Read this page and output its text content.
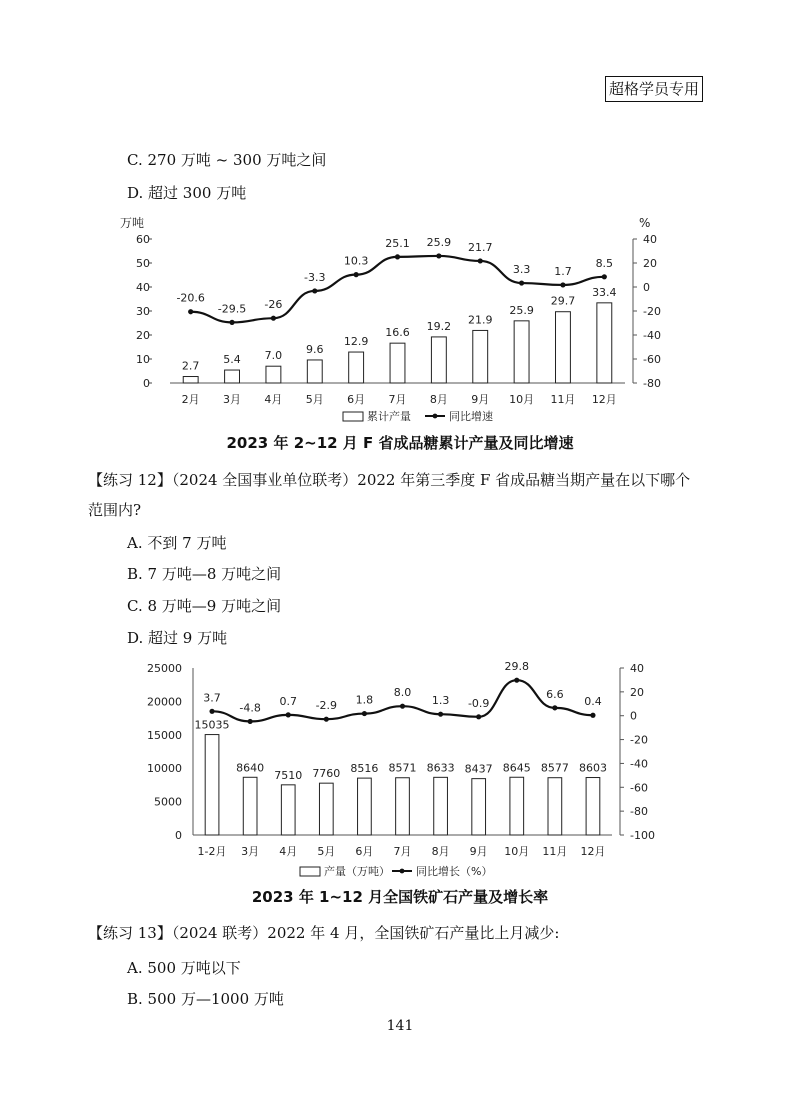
超格学员专用
C. 270 万吨 ~ 300 万吨之间
D. 超过 300 万吨
0
10
20
30
40
50
60
-80
-60
-40
-20
0
20
40
万吨	%
2.7 5.4 7.0 9.6
12.9
16.6 19.2 21.9
25.9
29.7
33.4
-20.6
-29.5 -26
-3.3
10.3
25.1 25.9 21.7
3.3 1.7
8.5
2月 3月 4月 5月 6月 7月 8月 9月 10月 11月 12月
累计产量	同比增速
2023 年 2~12 月 F 省成品糖累计产量及同比增速
【练习 12】（2024 全国事业单位联考）2022 年第三季度 F 省成品糖当期产量在以下哪个
范围内?
A. 不到 7 万吨
B. 7 万吨—8 万吨之间
C. 8 万吨—9 万吨之间
D. 超过 9 万吨
0
5000
10000
15000
20000
25000
-100
-80
-60
-40
-20
0
20
40
15035
8640
7510 7760 8516 8571 8633 8437 8645 8577 8603
3.7
-4.8
0.7 -2.9 1.8
8.0
1.3 -0.9
29.8
6.6
0.4
1-2月 3月 4月 5月 6月 7月 8月 9月 10月 11月 12月
产量（万吨） 同比增长（%）
2023 年 1~12 月全国铁矿石产量及增长率
【练习 13】（2024 联考）2022 年 4 月，全国铁矿石产量比上月减少:
A. 500 万吨以下
B. 500 万—1000 万吨
141
